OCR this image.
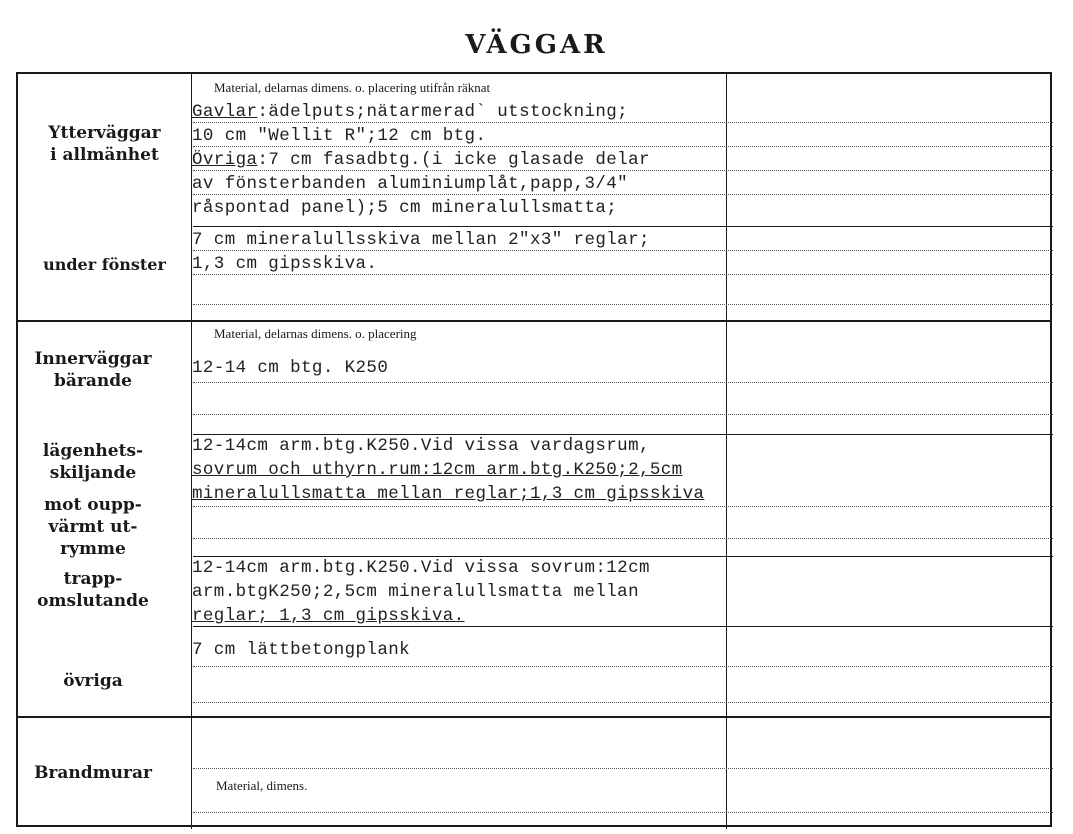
VÄGGAR
Ytterväggar
i allmänhet
under fönster
Material, delarnas dimens. o. placering utifrån räknat
Gavlar:ädelputs;nätarmerad` utstockning;
10 cm "Wellit R";12 cm btg.
Övriga:7 cm fasadbtg.(i icke glasade delar
av fönsterbanden aluminiumplåt,papp,3/4"
råspontad panel);5 cm mineralullsmatta;
7 cm mineralullsskiva mellan 2"x3" reglar;
1,3 cm gipsskiva.
Innerväggar
bärande
Material, delarnas dimens. o. placering
12-14 cm btg. K250
lägenhets-
skiljande
12-14cm arm.btg.K250.Vid vissa vardagsrum,
sovrum och uthyrn.rum:12cm arm.btg.K250;2,5cm
mineralullsmatta mellan reglar;1,3 cm gipsskiva
mot oupp-
värmt ut-
rymme
trapp-
omslutande
12-14cm arm.btg.K250.Vid vissa sovrum:12cm
arm.btgK250;2,5cm mineralullsmatta mellan
reglar; 1,3 cm gipsskiva.
7 cm lättbetongplank
övriga
Brandmurar
Material, dimens.
